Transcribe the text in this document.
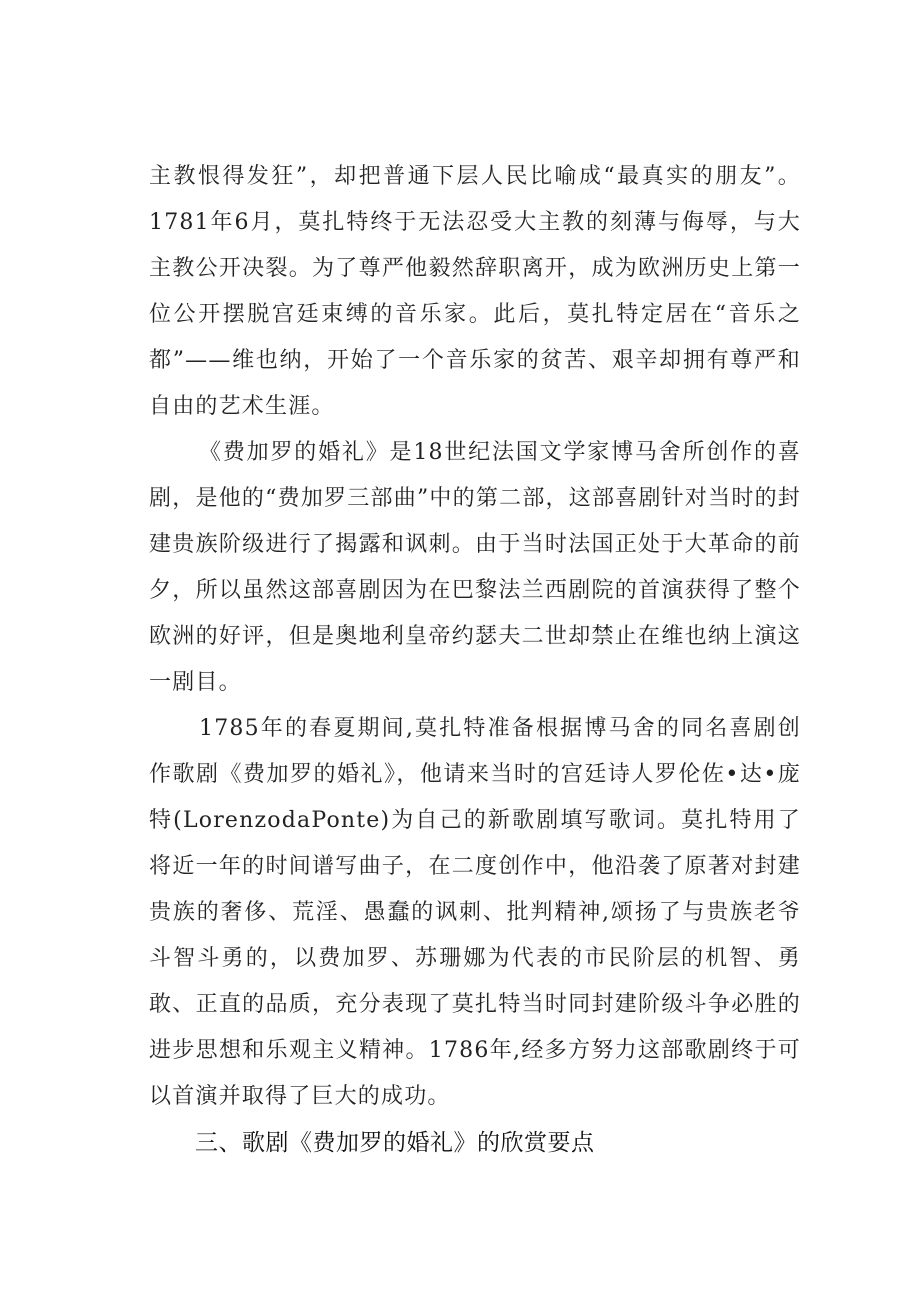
主教恨得发狂”，却把普通下层人民比喻成“最真实的朋友”。1781年6月，莫扎特终于无法忍受大主教的刻薄与侮辱，与大主教公开决裂。为了尊严他毅然辞职离开，成为欧洲历史上第一位公开摆脱宫廷束缚的音乐家。此后，莫扎特定居在“音乐之都”——维也纳，开始了一个音乐家的贫苦、艰辛却拥有尊严和自由的艺术生涯。

《费加罗的婚礼》是18世纪法国文学家博马舍所创作的喜剧，是他的“费加罗三部曲”中的第二部，这部喜剧针对当时的封建贵族阶级进行了揭露和讽刺。由于当时法国正处于大革命的前夕，所以虽然这部喜剧因为在巴黎法兰西剧院的首演获得了整个欧洲的好评，但是奥地利皇帝约瑟夫二世却禁止在维也纳上演这一剧目。

1785年的春夏期间,莫扎特准备根据博马舍的同名喜剧创作歌剧《费加罗的婚礼》，他请来当时的宫廷诗人罗伦佐•达•庞特(LorenzodaPonte)为自己的新歌剧填写歌词。莫扎特用了将近一年的时间谱写曲子，在二度创作中，他沿袭了原著对封建贵族的奢侈、荒淫、愚蠢的讽刺、批判精神,颂扬了与贵族老爷斗智斗勇的，以费加罗、苏珊娜为代表的市民阶层的机智、勇敢、正直的品质，充分表现了莫扎特当时同封建阶级斗争必胜的进步思想和乐观主义精神。1786年,经多方努力这部歌剧终于可以首演并取得了巨大的成功。

三、歌剧《费加罗的婚礼》的欣赏要点
